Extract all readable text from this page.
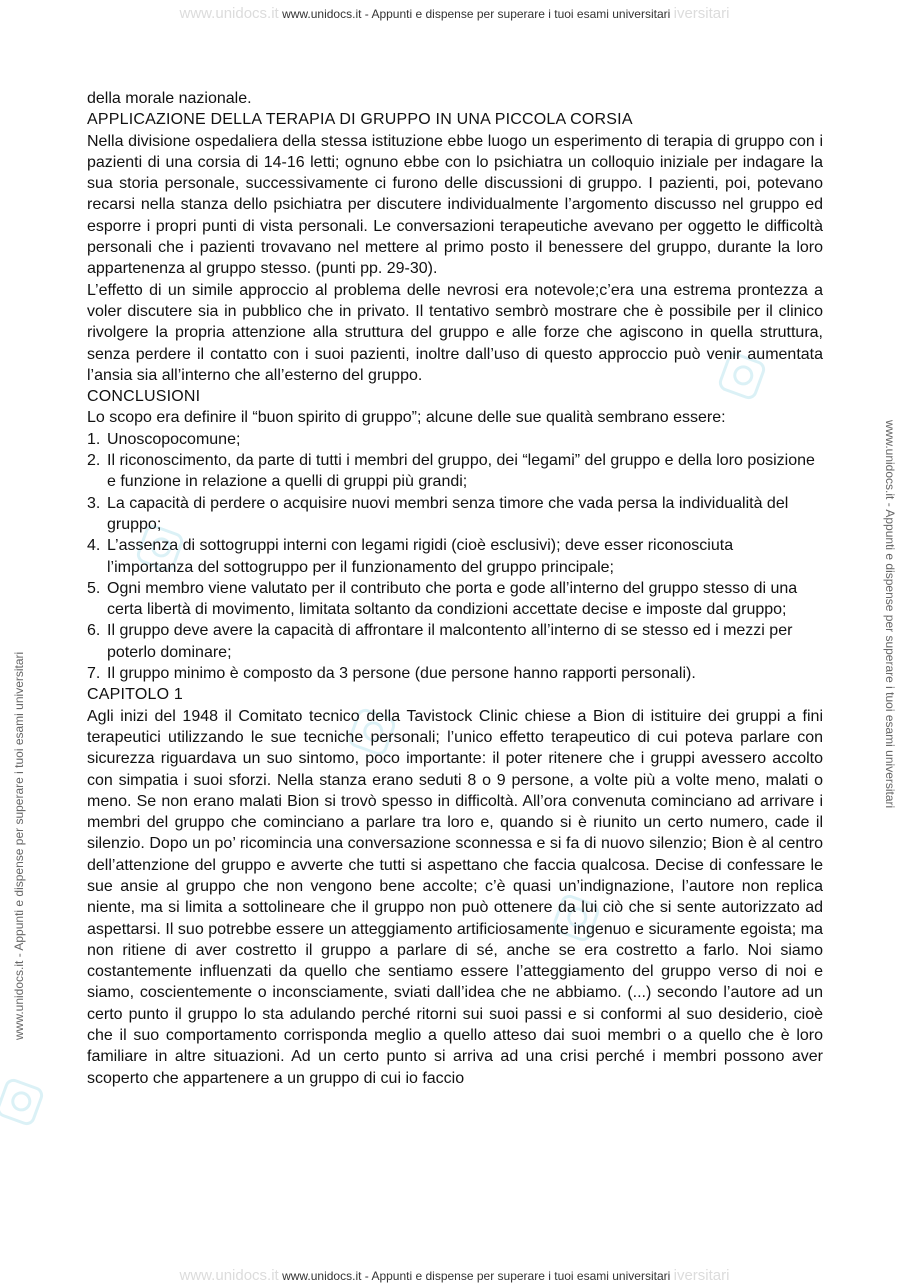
www.unidocs.it www.unidocs.it - Appunti e dispense per superare i tuoi esami universitari iversitari
www.unidocs.it - Appunti e dispense per superare i tuoi esami universitari
www.unidocs.it - Appunti e dispense per superare i tuoi esami universitari
www.unidocs.it www.unidocs.it - Appunti e dispense per superare i tuoi esami universitari iversitari

della morale nazionale.

APPLICAZIONE DELLA TERAPIA DI GRUPPO IN UNA PICCOLA CORSIA

Nella divisione ospedaliera della stessa istituzione ebbe luogo un esperimento di terapia di gruppo con i pazienti di una corsia di 14-16 letti; ognuno ebbe con lo psichiatra un colloquio iniziale per indagare la sua storia personale, successivamente ci furono delle discussioni di gruppo. I pazienti, poi, potevano recarsi nella stanza dello psichiatra per discutere individualmente l’argomento discusso nel gruppo ed esporre i propri punti di vista personali. Le conversazioni terapeutiche avevano per oggetto le difficoltà personali che i pazienti trovavano nel mettere al primo posto il benessere del gruppo, durante la loro appartenenza al gruppo stesso. (punti pp. 29-30).

L’effetto di un simile approccio al problema delle nevrosi era notevole;c’era una estrema prontezza a voler discutere sia in pubblico che in privato. Il tentativo sembrò mostrare che è possibile per il clinico rivolgere la propria attenzione alla struttura del gruppo e alle forze che agiscono in quella struttura, senza perdere il contatto con i suoi pazienti, inoltre dall’uso di questo approccio può venir aumentata l’ansia sia all’interno che all’esterno del gruppo.

CONCLUSIONI

Lo scopo era definire il “buon spirito di gruppo”; alcune delle sue qualità sembrano essere:

1. Unoscopocomune;
2. Il riconoscimento, da parte di tutti i membri del gruppo, dei “legami” del gruppo e della loro posizione e funzione in relazione a quelli di gruppi più grandi;
3. La capacità di perdere o acquisire nuovi membri senza timore che vada persa la individualità del gruppo;
4. L’assenza di sottogruppi interni con legami rigidi (cioè esclusivi); deve esser riconosciuta l’importanza del sottogruppo per il funzionamento del gruppo principale;
5. Ogni membro viene valutato per il contributo che porta e gode all’interno del gruppo stesso di una certa libertà di movimento, limitata soltanto da condizioni accettate decise e imposte dal gruppo;
6. Il gruppo deve avere la capacità di affrontare il malcontento all’interno di se stesso ed i mezzi per poterlo dominare;
7. Il gruppo minimo è composto da 3 persone (due persone hanno rapporti personali).

CAPITOLO 1

Agli inizi del 1948 il Comitato tecnico della Tavistock Clinic chiese a Bion di istituire dei gruppi a fini terapeutici utilizzando le sue tecniche personali; l’unico effetto terapeutico di cui poteva parlare con sicurezza riguardava un suo sintomo, poco importante: il poter ritenere che i gruppi avessero accolto con simpatia i suoi sforzi. Nella stanza erano seduti 8 o 9 persone, a volte più a volte meno, malati o meno. Se non erano malati Bion si trovò spesso in difficoltà. All’ora convenuta cominciano ad arrivare i membri del gruppo che cominciano a parlare tra loro e, quando si è riunito un certo numero, cade il silenzio. Dopo un po’ ricomincia una conversazione sconnessa e si fa di nuovo silenzio; Bion è al centro dell’attenzione del gruppo e avverte che tutti si aspettano che faccia qualcosa. Decise di confessare le sue ansie al gruppo che non vengono bene accolte; c’è quasi un’indignazione, l’autore non replica niente, ma si limita a sottolineare che il gruppo non può ottenere da lui ciò che si sente autorizzato ad aspettarsi. Il suo potrebbe essere un atteggiamento artificiosamente ingenuo e sicuramente egoista; ma non ritiene di aver costretto il gruppo a parlare di sé, anche se era costretto a farlo. Noi siamo costantemente influenzati da quello che sentiamo essere l’atteggiamento del gruppo verso di noi e siamo, coscientemente o inconsciamente, sviati dall’idea che ne abbiamo. (...) secondo l’autore ad un certo punto il gruppo lo sta adulando perché ritorni sui suoi passi e si conformi al suo desiderio, cioè che il suo comportamento corrisponda meglio a quello atteso dai suoi membri o a quello che è loro familiare in altre situazioni. Ad un certo punto si arriva ad una crisi perché i membri possono aver scoperto che appartenere a un gruppo di cui io faccio
